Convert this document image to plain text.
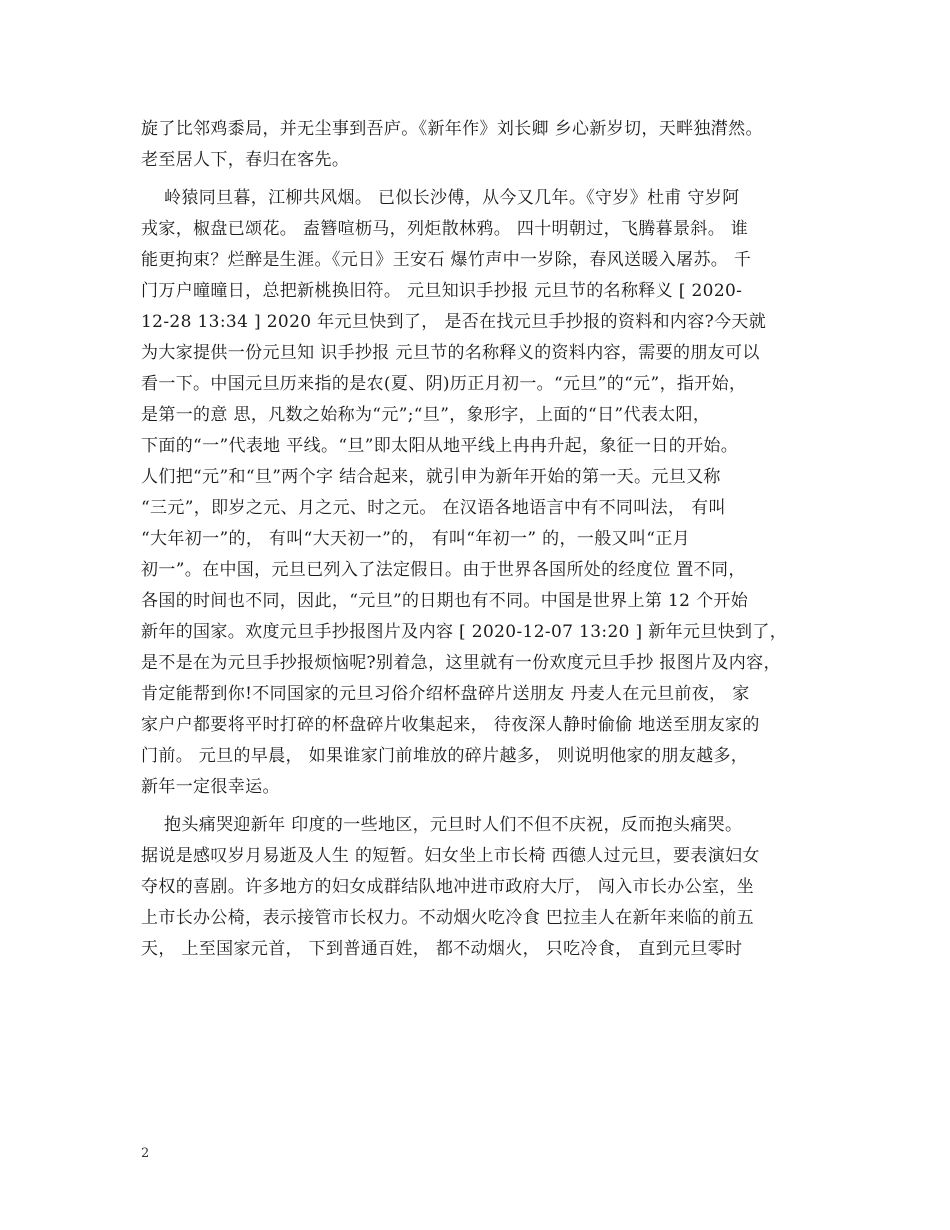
旋了比邻鸡黍局，并无尘事到吾庐。《新年作》刘长卿 乡心新岁切，天畔独潸然。
老至居人下，春归在客先。
岭猿同旦暮，江柳共风烟。 已似长沙傅，从今又几年。《守岁》杜甫 守岁阿
戎家，椒盘已颂花。 盍簪喧枥马，列炬散林鸦。 四十明朝过，飞腾暮景斜。 谁
能更拘束？烂醉是生涯。《元日》王安石 爆竹声中一岁除，春风送暖入屠苏。 千
门万户曈曈日，总把新桃换旧符。 元旦知识手抄报 元旦节的名称释义 [ 2020-
12-28 13:34 ] 2020 年元旦快到了， 是否在找元旦手抄报的资料和内容?今天就
为大家提供一份元旦知 识手抄报 元旦节的名称释义的资料内容，需要的朋友可以
看一下。中国元旦历来指的是农(夏、阴)历正月初一。“元旦”的“元”，指开始，
是第一的意 思，凡数之始称为“元”;“旦”，象形字，上面的“日”代表太阳，
下面的“一”代表地 平线。“旦”即太阳从地平线上冉冉升起，象征一日的开始。
人们把“元”和“旦”两个字 结合起来，就引申为新年开始的第一天。元旦又称
“三元”，即岁之元、月之元、时之元。 在汉语各地语言中有不同叫法， 有叫
“大年初一”的， 有叫“大天初一”的， 有叫“年初一” 的，一般又叫“正月
初一”。在中国，元旦已列入了法定假日。由于世界各国所处的经度位 置不同，
各国的时间也不同，因此，“元旦”的日期也有不同。中国是世界上第 12 个开始
新年的国家。欢度元旦手抄报图片及内容 [ 2020-12-07 13:20 ] 新年元旦快到了，
是不是在为元旦手抄报烦恼呢?别着急，这里就有一份欢度元旦手抄 报图片及内容，
肯定能帮到你!不同国家的元旦习俗介绍杯盘碎片送朋友 丹麦人在元旦前夜， 家
家户户都要将平时打碎的杯盘碎片收集起来， 待夜深人静时偷偷 地送至朋友家的
门前。 元旦的早晨， 如果谁家门前堆放的碎片越多， 则说明他家的朋友越多，
新年一定很幸运。
抱头痛哭迎新年 印度的一些地区，元旦时人们不但不庆祝，反而抱头痛哭。
据说是感叹岁月易逝及人生 的短暂。妇女坐上市长椅 西德人过元旦，要表演妇女
夺权的喜剧。许多地方的妇女成群结队地冲进市政府大厅， 闯入市长办公室，坐
上市长办公椅，表示接管市长权力。不动烟火吃冷食 巴拉圭人在新年来临的前五
天， 上至国家元首， 下到普通百姓， 都不动烟火， 只吃冷食， 直到元旦零时
2
